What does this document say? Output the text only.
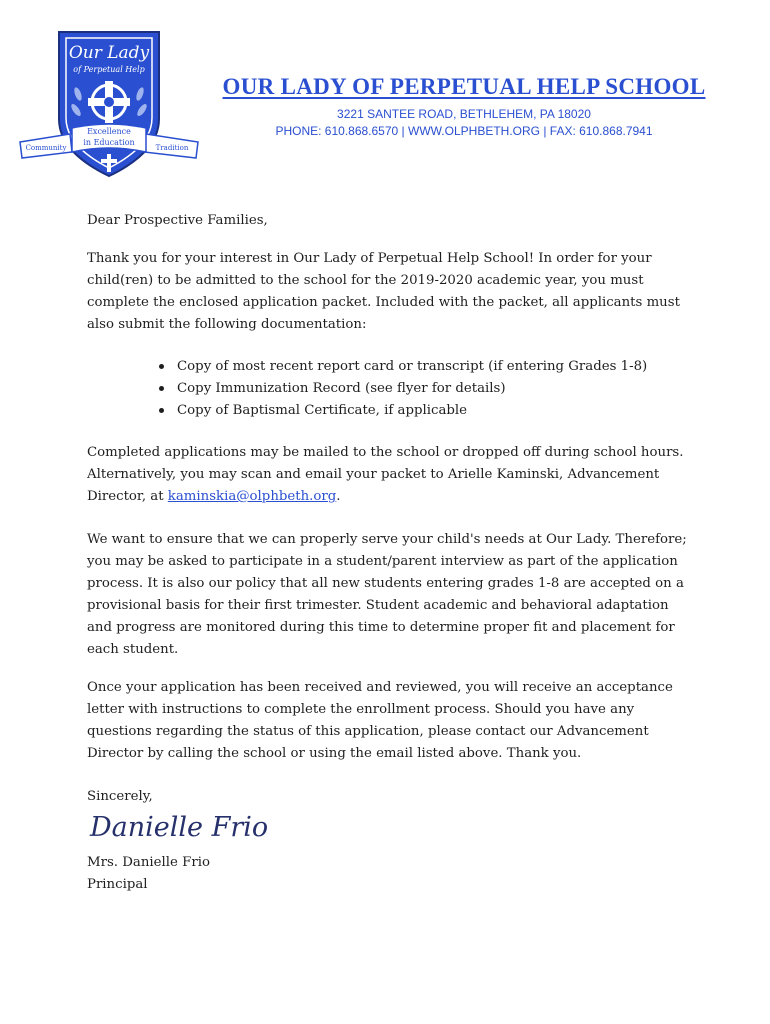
Our Lady
of Perpetual Help
Community
Excellence
in Education
Tradition
OUR LADY OF PERPETUAL HELP SCHOOL
3221 SANTEE ROAD, BETHLEHEM, PA 18020
PHONE: 610.868.6570 | WWW.OLPHBETH.ORG | FAX: 610.868.7941
Dear Prospective Families,

Thank you for your interest in Our Lady of Perpetual Help School! In order for your child(ren) to be admitted to the school for the 2019-2020 academic year, you must complete the enclosed application packet. Included with the packet, all applicants must also submit the following documentation:

Copy of most recent report card or transcript (if entering Grades 1-8)
Copy Immunization Record (see flyer for details)
Copy of Baptismal Certificate, if applicable

Completed applications may be mailed to the school or dropped off during school hours. Alternatively, you may scan and email your packet to Arielle Kaminski, Advancement Director, at kaminskia@olphbeth.org.

We want to ensure that we can properly serve your child's needs at Our Lady. Therefore; you may be asked to participate in a student/parent interview as part of the application process. It is also our policy that all new students entering grades 1-8 are accepted on a provisional basis for their first trimester. Student academic and behavioral adaptation and progress are monitored during this time to determine proper fit and placement for each student.

Once your application has been received and reviewed, you will receive an acceptance letter with instructions to complete the enrollment process. Should you have any questions regarding the status of this application, please contact our Advancement Director by calling the school or using the email listed above. Thank you.

Sincerely,
Danielle Frio
Mrs. Danielle Frio
Principal
